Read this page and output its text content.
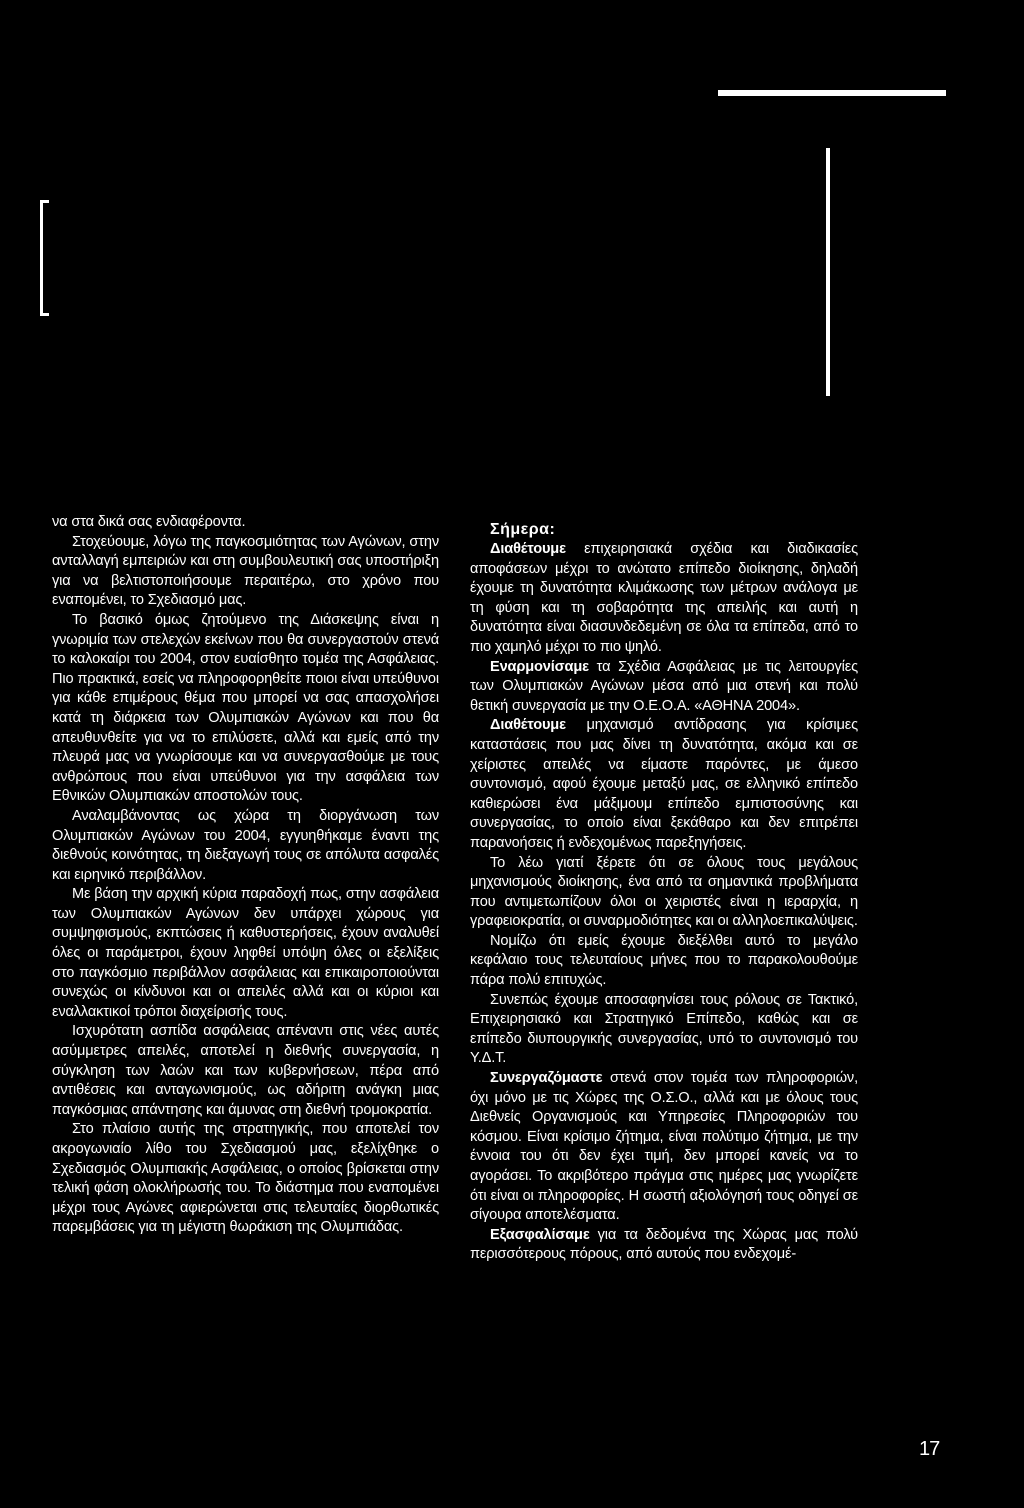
να στα δικά σας ενδιαφέροντα.

Στοχεύουμε, λόγω της παγκοσμιότητας των Αγώνων, στην ανταλλαγή εμπειριών και στη συμβουλευτική σας υποστήριξη για να βελτιστοποιήσουμε περαιτέρω, στο χρόνο που εναπομένει, το Σχεδιασμό μας.

Το βασικό όμως ζητούμενο της Διάσκεψης είναι η γνωριμία των στελεχών εκείνων που θα συνεργαστούν στενά το καλοκαίρι του 2004, στον ευαίσθητο τομέα της Ασφάλειας. Πιο πρακτικά, εσείς να πληροφορηθείτε ποιοι είναι υπεύθυνοι για κάθε επιμέρους θέμα που μπορεί να σας απασχολήσει κατά τη διάρκεια των Ολυμπιακών Αγώνων και που θα απευθυνθείτε για να το επιλύσετε, αλλά και εμείς από την πλευρά μας να γνωρίσουμε και να συνεργασθούμε με τους ανθρώπους που είναι υπεύθυνοι για την ασφάλεια των Εθνικών Ολυμπιακών αποστολών τους.

Αναλαμβάνοντας ως χώρα τη διοργάνωση των Ολυμπιακών Αγώνων του 2004, εγγυηθήκαμε έναντι της διεθνούς κοινότητας, τη διεξαγωγή τους σε απόλυτα ασφαλές και ειρηνικό περιβάλλον.

Με βάση την αρχική κύρια παραδοχή πως, στην ασφάλεια των Ολυμπιακών Αγώνων δεν υπάρχει χώρους για συμψηφισμούς, εκπτώσεις ή καθυστερήσεις, έχουν αναλυθεί όλες οι παράμετροι, έχουν ληφθεί υπόψη όλες οι εξελίξεις στο παγκόσμιο περιβάλλον ασφάλειας και επικαιροποιούνται συνεχώς οι κίνδυνοι και οι απειλές αλλά και οι κύριοι και εναλλακτικοί τρόποι διαχείρισής τους.

Ισχυρότατη ασπίδα ασφάλειας απέναντι στις νέες αυτές ασύμμετρες απειλές, αποτελεί η διεθνής συνεργασία, η σύγκληση των λαών και των κυβερνήσεων, πέρα από αντιθέσεις και ανταγωνισμούς, ως αδήριτη ανάγκη μιας παγκόσμιας απάντησης και άμυνας στη διεθνή τρομοκρατία.

Στο πλαίσιο αυτής της στρατηγικής, που αποτελεί τον ακρογωνιαίο λίθο του Σχεδιασμού μας, εξελίχθηκε ο Σχεδιασμός Ολυμπιακής Ασφάλειας, ο οποίος βρίσκεται στην τελική φάση ολοκλήρωσής του. Το διάστημα που εναπομένει μέχρι τους Αγώνες αφιερώνεται στις τελευταίες διορθωτικές παρεμβάσεις για τη μέγιστη θωράκιση της Ολυμπιάδας.

Σήμερα:

Διαθέτουμε επιχειρησιακά σχέδια και διαδικασίες αποφάσεων μέχρι το ανώτατο επίπεδο διοίκησης, δηλαδή έχουμε τη δυνατότητα κλιμάκωσης των μέτρων ανάλογα με τη φύση και τη σοβαρότητα της απειλής και αυτή η δυνατότητα είναι διασυνδεδεμένη σε όλα τα επίπεδα, από το πιο χαμηλό μέχρι το πιο ψηλό.

Εναρμονίσαμε τα Σχέδια Ασφάλειας με τις λειτουργίες των Ολυμπιακών Αγώνων μέσα από μια στενή και πολύ θετική συνεργασία με την Ο.Ε.Ο.Α. «ΑΘΗΝΑ 2004».

Διαθέτουμε μηχανισμό αντίδρασης για κρίσιμες καταστάσεις που μας δίνει τη δυνατότητα, ακόμα και σε χείριστες απειλές να είμαστε παρόντες, με άμεσο συντονισμό, αφού έχουμε μεταξύ μας, σε ελληνικό επίπεδο καθιερώσει ένα μάξιμουμ επίπεδο εμπιστοσύνης και συνεργασίας, το οποίο είναι ξεκάθαρο και δεν επιτρέπει παρανοήσεις ή ενδεχομένως παρεξηγήσεις.

Το λέω γιατί ξέρετε ότι σε όλους τους μεγάλους μηχανισμούς διοίκησης, ένα από τα σημαντικά προβλήματα που αντιμετωπίζουν όλοι οι χειριστές είναι η ιεραρχία, η γραφειοκρατία, οι συναρμοδιότητες και οι αλληλοεπικαλύψεις.

Νομίζω ότι εμείς έχουμε διεξέλθει αυτό το μεγάλο κεφάλαιο τους τελευταίους μήνες που το παρακολουθούμε πάρα πολύ επιτυχώς.

Συνεπώς έχουμε αποσαφηνίσει τους ρόλους σε Τακτικό, Επιχειρησιακό και Στρατηγικό Επίπεδο, καθώς και σε επίπεδο διυπουργικής συνεργασίας, υπό το συντονισμό του Υ.Δ.Τ.

Συνεργαζόμαστε στενά στον τομέα των πληροφοριών, όχι μόνο με τις Χώρες της Ο.Σ.Ο., αλλά και με όλους τους Διεθνείς Οργανισμούς και Υπηρεσίες Πληροφοριών του κόσμου. Είναι κρίσιμο ζήτημα, είναι πολύτιμο ζήτημα, με την έννοια του ότι δεν έχει τιμή, δεν μπορεί κανείς να το αγοράσει. Το ακριβότερο πράγμα στις ημέρες μας γνωρίζετε ότι είναι οι πληροφορίες. Η σωστή αξιολόγησή τους οδηγεί σε σίγουρα αποτελέσματα.

Εξασφαλίσαμε για τα δεδομένα της Χώρας μας πολύ περισσότερους πόρους, από αυτούς που ενδεχομέ-

17
